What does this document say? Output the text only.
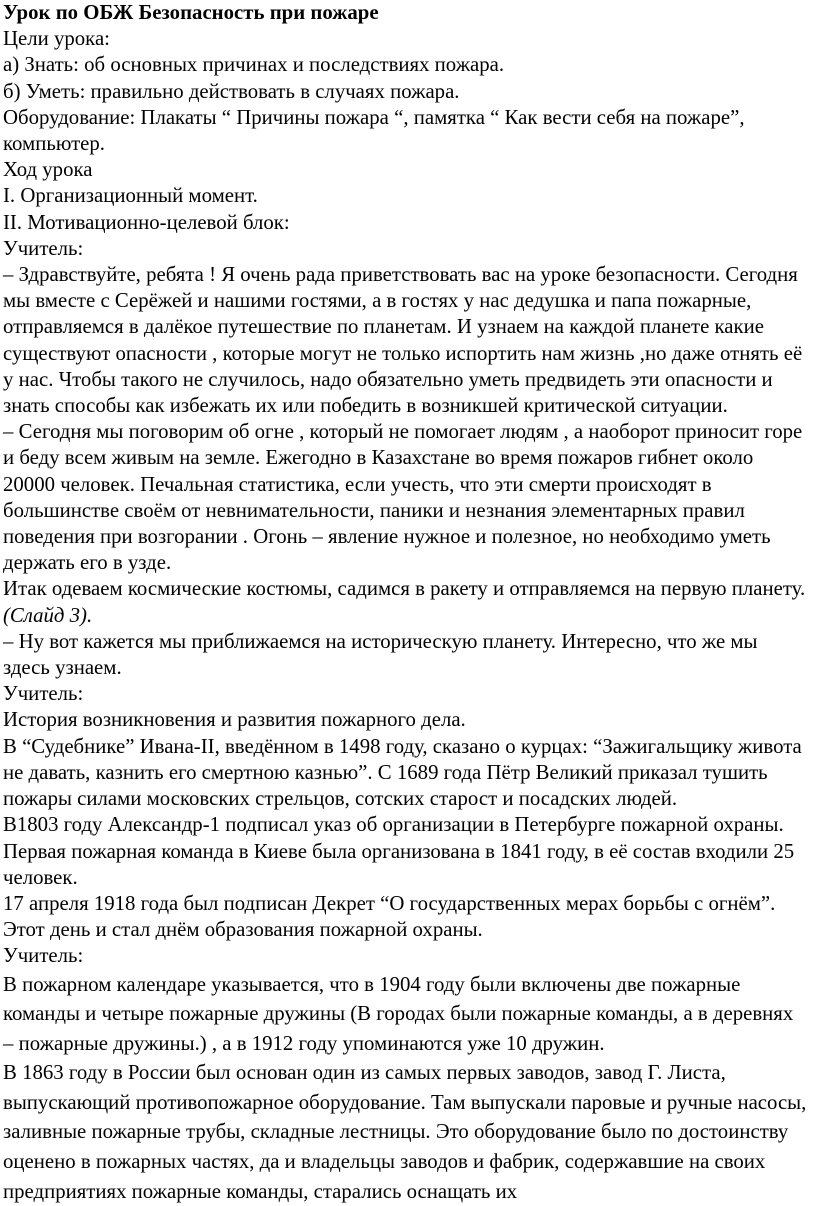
Урок по ОБЖ Безопасность при пожаре

Цели урока:

а) Знать: об основных причинах и последствиях пожара.

б) Уметь: правильно действовать в случаях пожара.

Оборудование: Плакаты “ Причины пожара “, памятка “ Как вести себя на пожаре”, компьютер.

Ход урока

I. Организационный момент.

II. Мотивационно-целевой блок:

Учитель:

– Здравствуйте, ребята ! Я очень рада приветствовать вас на уроке безопасности. Сегодня мы вместе с Серёжей и нашими гостями, а в гостях у нас дедушка и папа пожарные, отправляемся в далёкое путешествие по планетам. И узнаем на каждой планете какие существуют опасности , которые могут не только испортить нам жизнь ,но даже отнять её у нас. Чтобы такого не случилось, надо обязательно уметь предвидеть эти опасности и знать способы как избежать их или победить в возникшей критической ситуации.

– Сегодня мы поговорим об огне , который не помогает людям , а наоборот приносит горе и беду всем живым на земле. Ежегодно в Казахстане во время пожаров гибнет около 20000 человек. Печальная статистика, если учесть, что эти смерти происходят в большинстве своём от невнимательности, паники и незнания элементарных правил поведения при возгорании . Огонь – явление нужное и полезное, но необходимо уметь держать его в узде.

Итак одеваем космические костюмы, садимся в ракету и отправляемся на первую планету. (Слайд 3).

– Ну вот кажется мы приближаемся на историческую планету. Интересно, что же мы здесь узнаем.

Учитель:

История возникновения и развития пожарного дела.

В “Судебнике” Ивана-II, введённом в 1498 году, сказано о курцах: “Зажигальщику живота не давать, казнить его смертною казнью”. С 1689 года Пётр Великий приказал тушить пожары силами московских стрельцов, сотских старост и посадских людей.

В1803 году Александр-1 подписал указ об организации в Петербурге пожарной охраны. Первая пожарная команда в Киеве была организована в 1841 году, в её состав входили 25 человек.

17 апреля 1918 года был подписан Декрет “О государственных мерах борьбы с огнём”. Этот день и стал днём образования пожарной охраны.

Учитель:

В пожарном календаре указывается, что в 1904 году были включены две пожарные команды и четыре пожарные дружины (В городах были пожарные команды, а в деревнях – пожарные дружины.) , а в 1912 году упоминаются уже 10 дружин.

В 1863 году в России был основан один из самых первых заводов, завод Г. Листа, выпускающий противопожарное оборудование. Там выпускали паровые и ручные насосы, заливные пожарные трубы, складные лестницы. Это оборудование было по достоинству оценено в пожарных частях, да и владельцы заводов и фабрик, содержавшие на своих предприятиях пожарные команды, старались оснащать их
